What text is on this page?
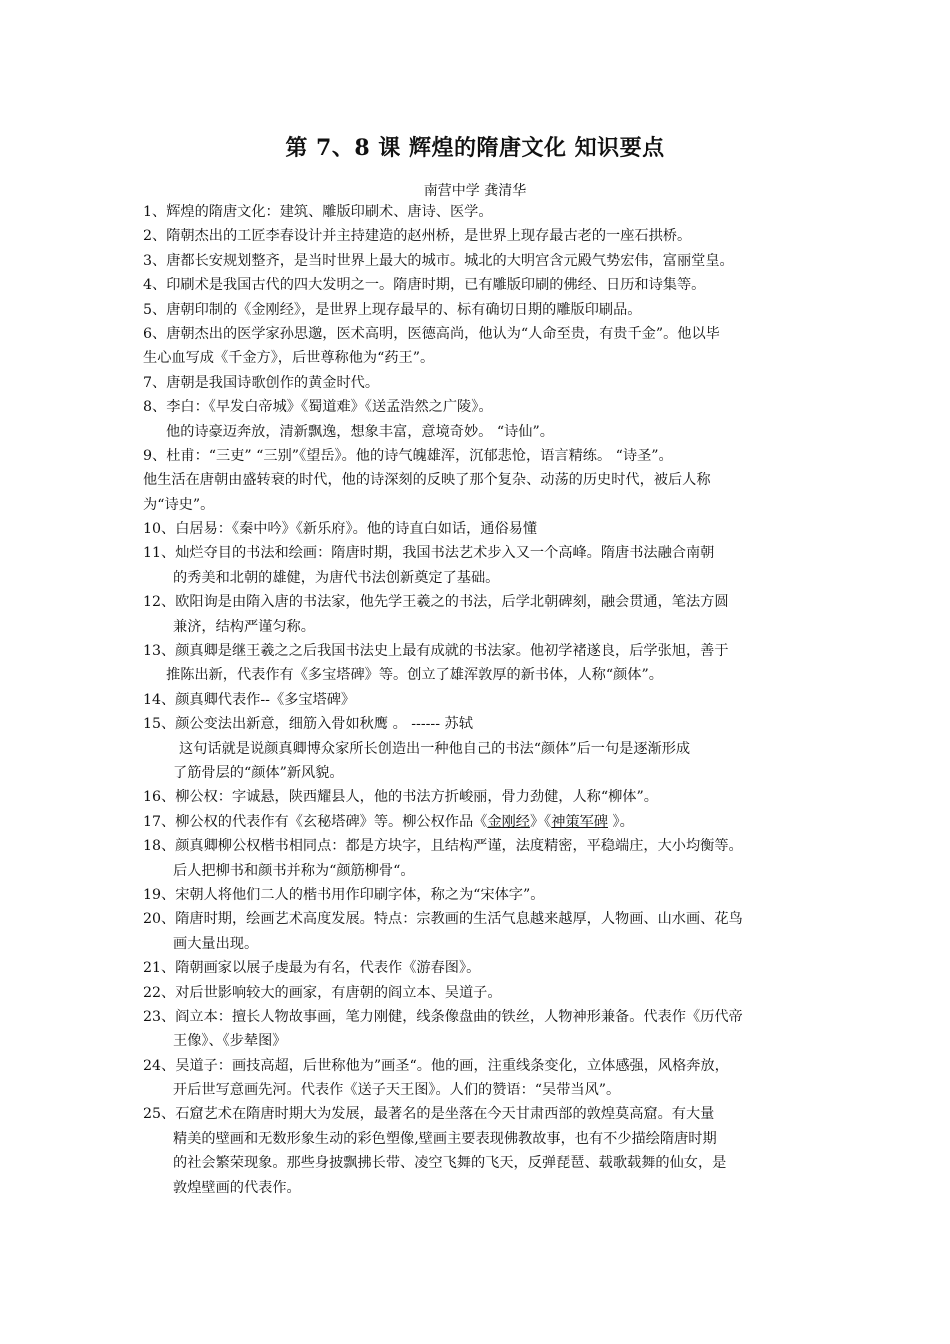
第 7、8 课 辉煌的隋唐文化 知识要点
南营中学 龚清华
1、辉煌的隋唐文化：建筑、雕版印刷术、唐诗、医学。
2、隋朝杰出的工匠李春设计并主持建造的赵州桥，是世界上现存最古老的一座石拱桥。
3、唐都长安规划整齐，是当时世界上最大的城市。城北的大明宫含元殿气势宏伟，富丽堂皇。
4、印刷术是我国古代的四大发明之一。隋唐时期，已有雕版印刷的佛经、日历和诗集等。
5、唐朝印制的《金刚经》，是世界上现存最早的、标有确切日期的雕版印刷品。
6、唐朝杰出的医学家孙思邈，医术高明，医德高尚，他认为“人命至贵，有贵千金”。他以毕
生心血写成《千金方》，后世尊称他为“药王”。
7、唐朝是我国诗歌创作的黄金时代。
8、李白：《早发白帝城》《蜀道难》《送孟浩然之广陵》。
他的诗豪迈奔放，清新飘逸，想象丰富，意境奇妙。 “诗仙”。
9、杜甫：“三吏” “三别”《望岳》。他的诗气魄雄浑，沉郁悲怆，语言精练。 “诗圣”。
他生活在唐朝由盛转衰的时代，他的诗深刻的反映了那个复杂、动荡的历史时代，被后人称
为“诗史”。
10、白居易：《秦中吟》《新乐府》。他的诗直白如话，通俗易懂
11、灿烂夺目的书法和绘画：隋唐时期，我国书法艺术步入又一个高峰。隋唐书法融合南朝
的秀美和北朝的雄健，为唐代书法创新奠定了基础。
12、欧阳询是由隋入唐的书法家，他先学王羲之的书法，后学北朝碑刻，融会贯通，笔法方圆
兼济，结构严谨匀称。
13、颜真卿是继王羲之之后我国书法史上最有成就的书法家。他初学褚遂良，后学张旭，善于
推陈出新，代表作有《多宝塔碑》等。创立了雄浑敦厚的新书体，人称“颜体”。
14、颜真卿代表作--《多宝塔碑》
15、颜公变法出新意，细筋入骨如秋鹰 。 ------ 苏轼
这句话就是说颜真卿博众家所长创造出一种他自己的书法“颜体”后一句是逐渐形成
了筋骨层的“颜体”新风貌。
16、柳公权：字诚悬，陕西耀县人，他的书法方折峻丽，骨力劲健，人称“柳体”。
17、柳公权的代表作有《玄秘塔碑》等。柳公权作品《金刚经》《神策军碑 》。
18、颜真卿柳公权楷书相同点：都是方块字，且结构严谨，法度精密，平稳端庄，大小均衡等。
后人把柳书和颜书并称为“颜筋柳骨“。
19、宋朝人将他们二人的楷书用作印刷字体，称之为“宋体字”。
20、隋唐时期，绘画艺术高度发展。特点：宗教画的生活气息越来越厚，人物画、山水画、花鸟
画大量出现。
21、隋朝画家以展子虔最为有名，代表作《游春图》。
22、对后世影响较大的画家，有唐朝的阎立本、吴道子。
23、阎立本：擅长人物故事画，笔力刚健，线条像盘曲的铁丝，人物神形兼备。代表作《历代帝
王像》、《步辇图》
24、吴道子：画技高超，后世称他为”画圣“。他的画，注重线条变化，立体感强，风格奔放，
开后世写意画先河。代表作《送子天王图》。人们的赞语：“吴带当风”。
25、石窟艺术在隋唐时期大为发展，最著名的是坐落在今天甘肃西部的敦煌莫高窟。有大量
精美的壁画和无数形象生动的彩色塑像,壁画主要表现佛教故事，也有不少描绘隋唐时期
的社会繁荣现象。那些身披飘拂长带、凌空飞舞的飞天，反弹琵琶、载歌载舞的仙女，是
敦煌壁画的代表作。
